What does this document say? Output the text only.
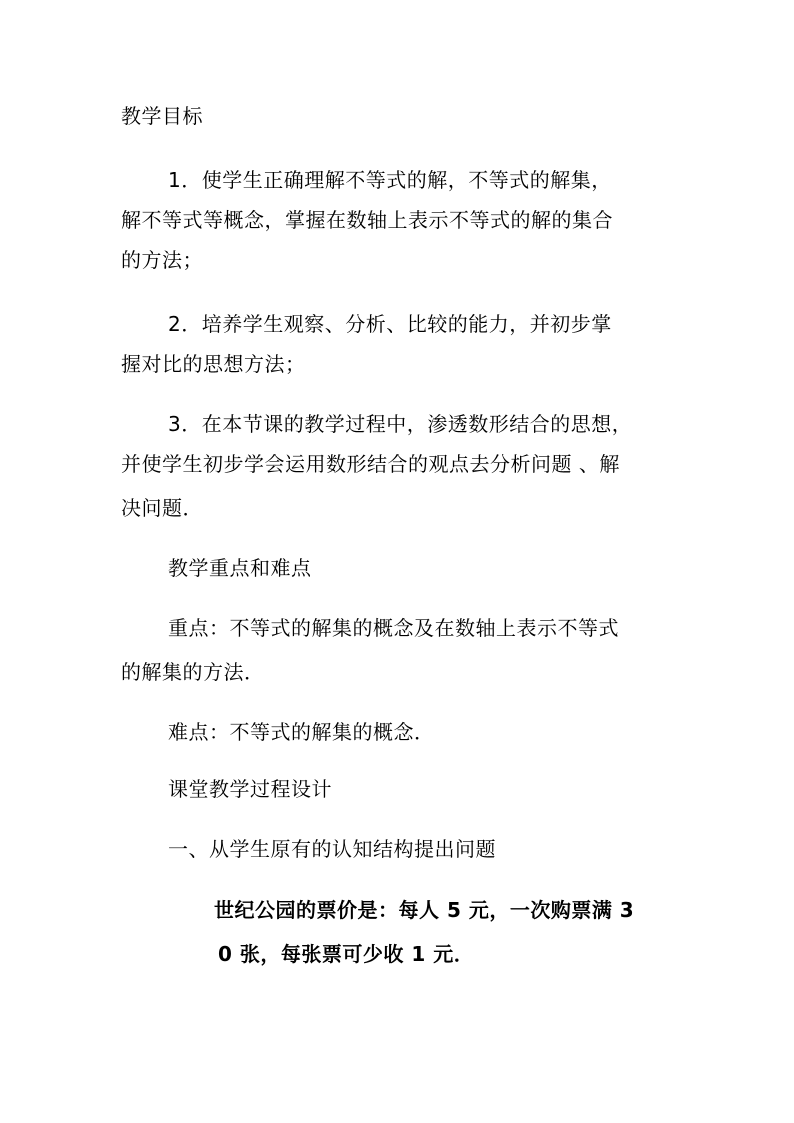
教学目标
1．使学生正确理解不等式的解，不等式的解集，
解不等式等概念，掌握在数轴上表示不等式的解的集合
的方法；
2．培养学生观察、分析、比较的能力，并初步掌
握对比的思想方法；
3．在本节课的教学过程中，渗透数形结合的思想，
并使学生初步学会运用数形结合的观点去分析问题 、解
决问题．
教学重点和难点
重点：不等式的解集的概念及在数轴上表示不等式
的解集的方法．
难点：不等式的解集的概念．
课堂教学过程设计
一、从学生原有的认知结构提出问题
世纪公园的票价是：每人 5 元，一次购票满 3
0 张，每张票可少收 1 元．
